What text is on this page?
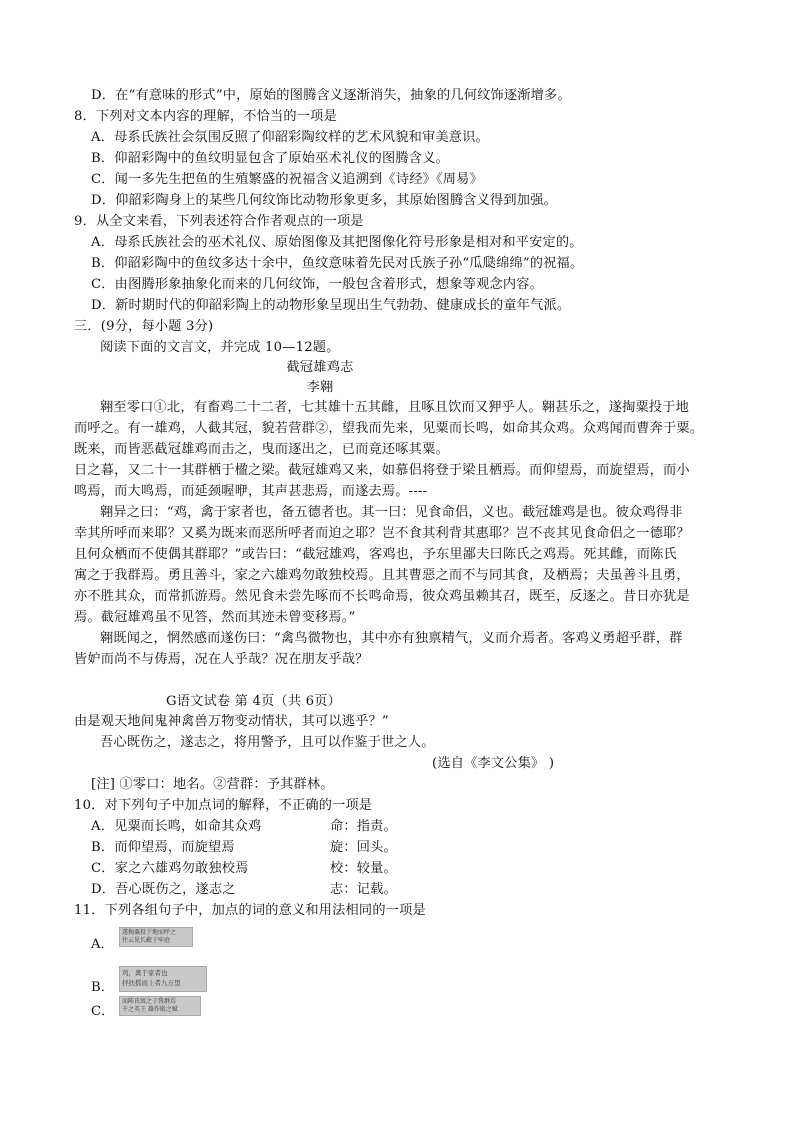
D．在“有意味的形式”中，原始的图腾含义逐渐消失，抽象的几何纹饰逐渐增多。
8．下列对文本内容的理解，不恰当的一项是
A．母系氏族社会氛围反照了仰韶彩陶纹样的艺术风貌和审美意识。
B．仰韶彩陶中的鱼纹明显包含了原始巫术礼仪的图腾含义。
C．闻一多先生把鱼的生殖繁盛的祝福含义追溯到《诗经》《周易》
D．仰韶彩陶身上的某些几何纹饰比动物形象更多，其原始图腾含义得到加强。
9．从全文来看，下列表述符合作者观点的一项是
A．母系氏族社会的巫术礼仪、原始图像及其把图像化符号形象是相对和平安定的。
B．仰韶彩陶中的鱼纹多达十余中，鱼纹意味着先民对氏族子孙“瓜瓞绵绵”的祝福。
C．由图腾形象抽象化而来的几何纹饰，一般包含着形式，想象等观念内容。
D．新时期时代的仰韶彩陶上的动物形象呈现出生气勃勃、健康成长的童年气派。
三．(9分，每小题 3分)
阅读下面的文言文，并完成 10—12题。
截冠雄鸡志
李翱
翱至零口①北，有畜鸡二十二者，七其雄十五其雌，且啄且饮而又狎乎人。翱甚乐之，遂掏粟投于地
而呼之。有一雄鸡，人截其冠，貌若营群②，望我而先来，见粟而长鸣，如命其众鸡。众鸡闻而曹奔于粟。
既来，而皆恶截冠雄鸡而击之，曳而逐出之，已而竟还啄其粟。
日之暮，又二十一其群栖于楹之梁。截冠雄鸡又来，如慕侣将登于梁且栖焉。而仰望焉，而旋望焉，而小
鸣焉，而大鸣焉，而延颈喔咿，其声甚悲焉，而遂去焉。----
翱异之曰：“鸡，禽于家者也，备五德者也。其一曰：见食命侣，义也。截冠雄鸡是也。彼众鸡得非
幸其所呼而来耶？又奚为既来而恶所呼者而迫之耶？岂不食其利背其惠耶？岂不丧其见食命侣之一德耶？
且何众栖而不使偶其群耶？”或告曰：“截冠雄鸡，客鸡也，予东里鄙夫曰陈氏之鸡焉。死其雌，而陈氏
寓之于我群焉。勇且善斗，家之六雄鸡勿敢独校焉。且其曹惡之而不与同其食，及栖焉；夫虽善斗且勇，
亦不胜其众，而常抓游焉。然见食未尝先啄而不长鸣命焉，彼众鸡虽赖其召，既至，反逐之。昔日亦犹是
焉。截冠雄鸡虽不见答，然而其迹未曾变移焉。”
翱既闻之，惘然感而遂伤曰：“禽鸟微物也，其中亦有独禀精气，义而介焉者。客鸡义勇超乎群，群
皆妒而尚不与俦焉，况在人乎哉？况在朋友乎哉？
G语文试卷 第 4页（共 6页）
由是观天地间鬼神禽兽万物变动情状，其可以逃乎？”
吾心既伤之，遂志之，将用警予，且可以作鉴于世之人。
(选自《李文公集》 )
[注] ①零口：地名。②营群：予其群林。
10．对下列句子中加点词的解释，不正确的一项是
A．见粟而长鸣，如命其众鸡	命：指责。
B．而仰望焉，而旋望焉	旋：回头。
C．家之六雄鸡勿敢独校焉	校：较量。
D．吾心既伤之，遂志之	志：记载。
11．下列各组句子中，加点的词的意义和用法相同的一项是
A．
遂掏粟投于地而呼之
往云见长蔽于牢庭
B．
鸡，禽于家者也
抨扶摇而上者九万里
C．
而陈氏寓之于我群焉
千之英王 雄作殿之赋
